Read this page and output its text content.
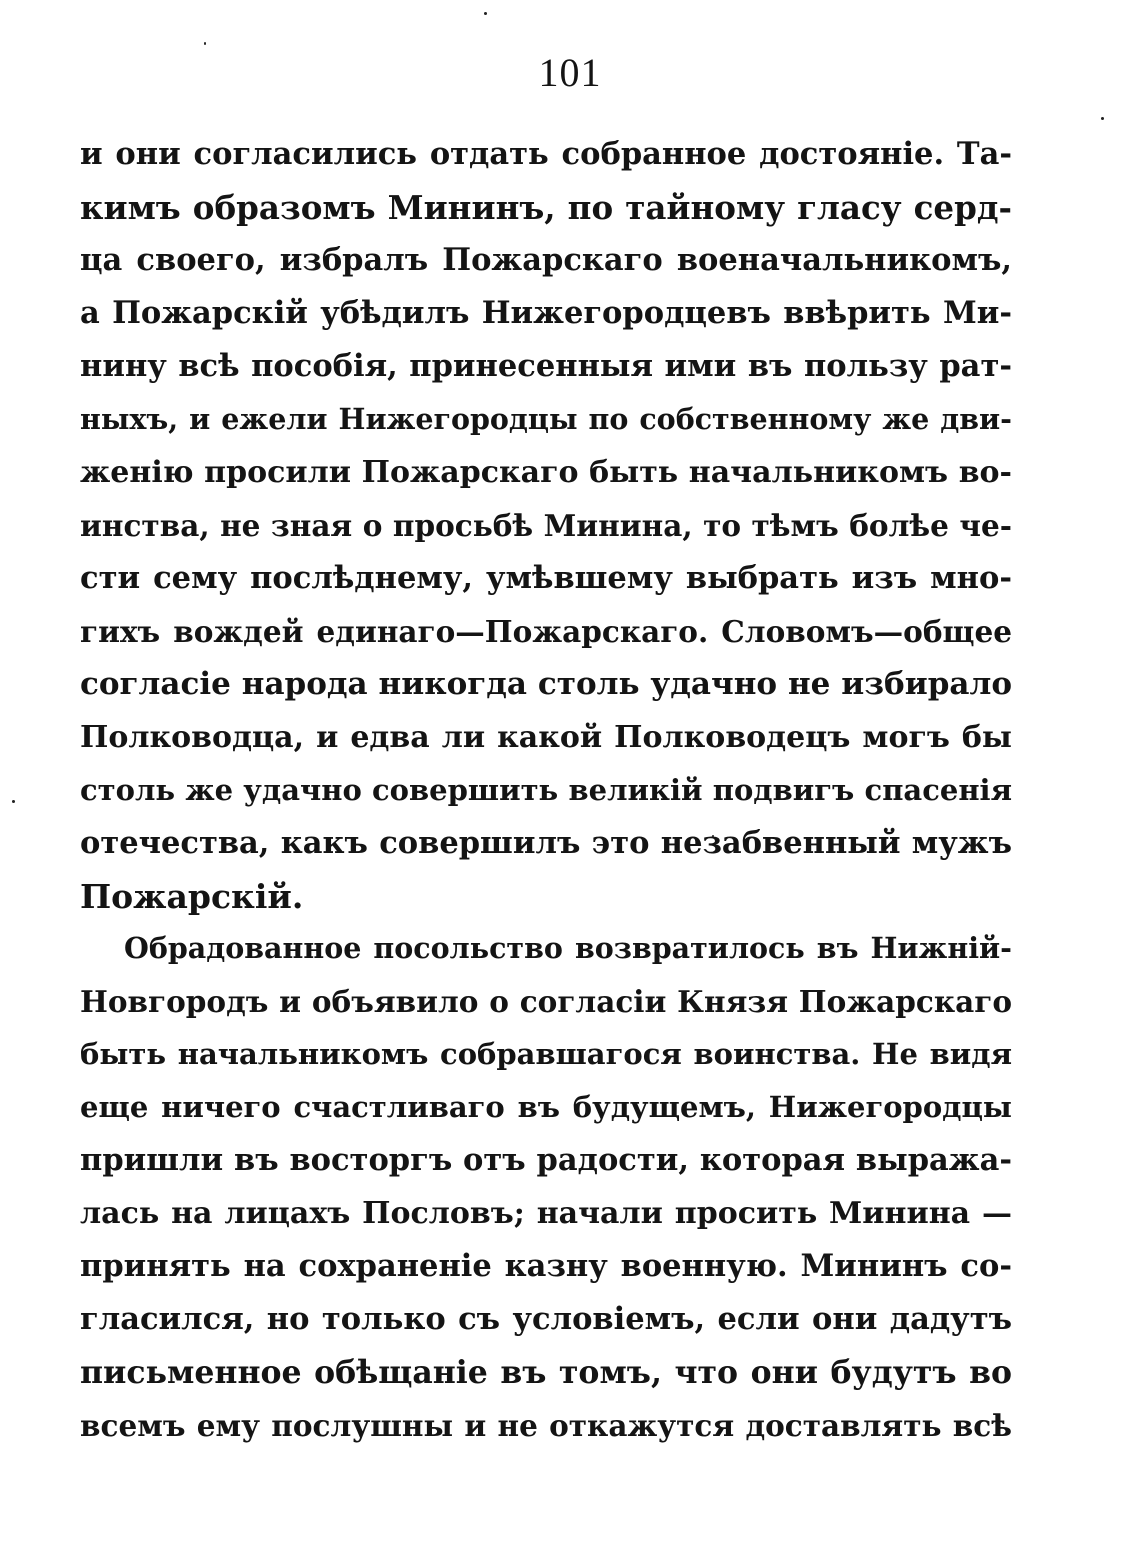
101
и они согласились отдать собранное достояніе. Та-
кимъ образомъ Мининъ, по тайному гласу серд-
ца своего, избралъ Пожарскаго военачальникомъ,
а Пожарскій убѣдилъ Нижегородцевъ ввѣрить Ми-
нину всѣ пособія, принесенныя ими въ пользу рат-
ныхъ, и ежели Нижегородцы по собственному же дви-
женію просили Пожарскаго быть начальникомъ во-
инства, не зная о просьбѣ Минина, то тѣмъ болѣе че-
сти сему послѣднему, умѣвшему выбрать изъ мно-
гихъ вождей единаго—Пожарскаго. Словомъ—общее
согласіе народа никогда столь удачно не избирало
Полководца, и едва ли какой Полководецъ могъ бы
столь же удачно совершить великій подвигъ спасенія
отечества, какъ совершилъ это незабвенный мужъ
Пожарскій.
Обрадованное посольство возвратилось въ Нижній-
Новгородъ и объявило о согласіи Князя Пожарскаго
быть начальникомъ собравшагося воинства. Не видя
еще ничего счастливаго въ будущемъ, Нижегородцы
пришли въ восторгъ отъ радости, которая выража-
лась на лицахъ Пословъ; начали просить Минина —
принять на сохраненіе казну военную. Мининъ со-
гласился, но только съ условіемъ, если они дадутъ
письменное обѣщаніе въ томъ, что они будутъ во
всемъ ему послушны и не откажутся доставлять всѣ
